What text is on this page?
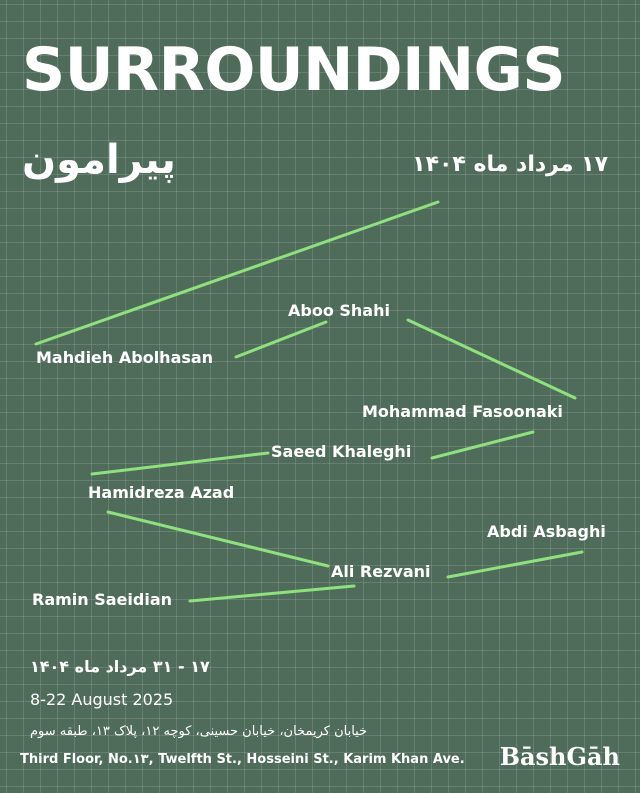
SURROUNDINGS
پیرامون	۱۷ مرداد ماه ۱۴۰۴
Mahdieh Abolhasan
Aboo Shahi
Mohammad Fasoonaki
Saeed Khaleghi
Hamidreza Azad
Abdi Asbaghi
Ali Rezvani
Ramin Saeidian
۱۷ - ۳۱ مرداد ماه ۱۴۰۴
8-22 August 2025
خیابان کریمخان، خیابان حسینی، کوچه ۱۲، پلاک ۱۳، طبقه سوم
Third Floor, No.۱۳, Twelfth St., Hosseini St., Karim Khan Ave. BāshGāh
